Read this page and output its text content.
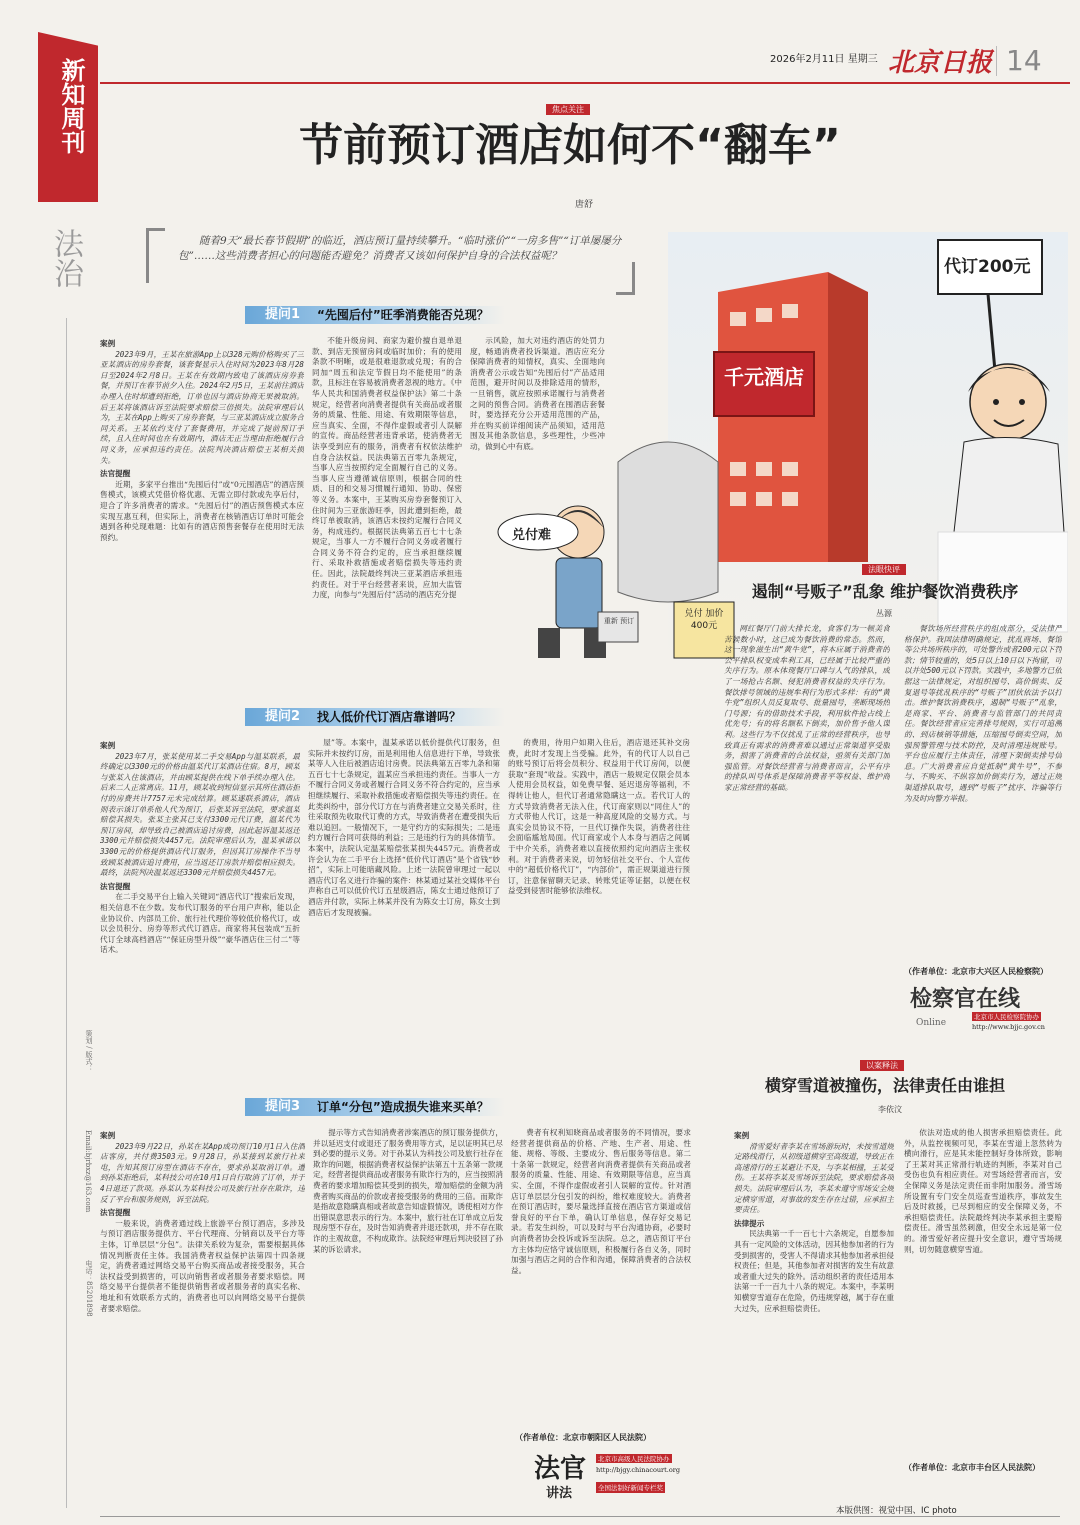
2026年2月11日 星期三 北京日报 14
新知周刊
法治
策划 / 版式：
Email:bjrbxz@163.com
电话：85201898
焦点关注
节前预订酒店如何不“翻车”
唐舒
随着9天“最长春节假期”的临近，酒店预订量持续攀升。“临时涨价”“一房多售”“订单屡屡分包”……这些消费者担心的问题能否避免？消费者又该如何保护自身的合法权益呢？
代订200元
千元酒店
兑付难
兑付 加价 400元
重新 预订
提问1	“先囤后付”旺季消费能否兑现？

案例

2023年9月，王某在旅游App上以328元购价格购买了三亚某酒店的房券套餐，该套餐显示入住时间为2023年8月28日至2024年2月8日。王某在有效期内致电了该酒店房券套餐，并预订在春节前夕入住。2024年2月5日，王某前往酒店办理入住时却遭到拒绝，订单也因与酒店协商无果被取消。后王某将该酒店诉至法院要求赔偿三倍损失。法院审理后认为，王某在App上购买了房券套餐，与三亚某酒店成立服务合同关系。王某依约支付了套餐费用，并完成了提前预订手续，且入住时间也在有效期内，酒店无正当理由拒绝履行合同义务，应承担违约责任。法院判决酒店赔偿王某相关损失。

法官提醒

近期，多家平台推出“先囤后付”或“0元囤酒店”的酒店预售模式，该模式凭借价格优惠、无需立即付款或先享后付，迎合了许多消费者的需求。“先囤后付”的酒店预售模式本应实现互惠互利，但实际上，消费者在核销酒店订单时可能会遇到各种兑现难题：比如有的酒店预售套餐存在使用时无法预约。

不能升级房间、商家为避价擅自退单退款、到店无预留房间或临时加价；有的使用条款不明晰，或是很难退款或兑现；有的合同加“周五和法定节假日均不能使用”的条款，且标注在容易被消费者忽视的地方。《中华人民共和国消费者权益保护法》第二十条规定，经营者向消费者提供有关商品或者服务的质量、性能、用途、有效期限等信息，应当真实、全面，不得作虚假或者引人误解的宣传。商品经营者违背承诺，使消费者无法享受到应有的服务，消费者有权依法维护自身合法权益。民法典第五百零九条规定，当事人应当按照约定全面履行自己的义务。当事人应当遵循诚信原则，根据合同的性质、目的和交易习惯履行通知、协助、保密等义务。本案中，王某购买房券套餐预订入住时间为三亚旅游旺季，因此遭到拒绝，最终订单被取消，该酒店未按约定履行合同义务，构成违约。根据民法典第五百七十七条规定，当事人一方不履行合同义务或者履行合同义务不符合约定的，应当承担继续履行、采取补救措施或者赔偿损失等违约责任。因此，法院最终判决三亚某酒店承担违约责任。对于平台经营者来说，应加大监管力度，向参与“先囤后付”活动的酒店充分提

示风险，加大对违约酒店的处罚力度，畅通消费者投诉渠道。酒店应充分保障消费者的知情权，真实、全面地向消费者公示或告知“先囤后付”产品适用范围，避开时间以及排除适用的情形，一旦销售，就应按照承诺履行与消费者之间的预售合同。消费者在囤酒店套餐时，要选择充分公开适用范围的产品，并在购买前详细阅读产品须知，适用范围及其他条款信息，多些理性，少些冲动，做到心中有底。

提问2	找人低价代订酒店靠谱吗？

案例

2023年7月，张某使用某二手交易App与温某联系，最终确定以3300元的价格由温某代订某酒店住宿。8月，顾某与张某入住该酒店，并由顾某提供在线下单手续办理入住。后来二人正常离店。11月，顾某收到短信显示其所住酒店拒付的房费共计7757元未完成结算。顾某遂联系酒店，酒店则表示该订单系他人代为预订，后张某诉至法院，要求温某赔偿其损失。张某主张其已支付3300元代订费，温某代为预订房间，却导致自己被酒店追讨房费，因此起诉温某返还3300元并赔偿损失4457元。法院审理后认为，温某承诺以3300元的价格提供酒店代订服务，但因其订房操作不当导致顾某被酒店追讨费用，应当返还订房款并赔偿相应损失。最终，法院判决温某返还3300元并赔偿损失4457元。

法官提醒

在二手交易平台上输入关键词“酒店代订”搜索后发现，相关信息不在少数。发布代订服务的平台用户声称，能以企业协议价、内部员工价、旅行社代理价等较低价格代订，或以会员积分、房券等形式代订酒店。商家将其包装成“五折代订全球高档酒店”“保证房型升级”“豪华酒店住三付二”等话术。

屋”等。本案中，温某承诺以低价提供代订服务，但实际并未按约订房，而是利用他人信息进行下单，导致张某等人入住后被酒店追讨房费。民法典第五百零九条和第五百七十七条规定，温某应当承担违约责任。当事人一方不履行合同义务或者履行合同义务不符合约定的，应当承担继续履行、采取补救措施或者赔偿损失等违约责任。在此类纠纷中，部分代订方在与消费者建立交易关系时，往往采取预先收取代订费的方式，导致消费者在遭受损失后难以追回。一般情况下，一是守约方的实际损失；二是违约方履行合同可获得的利益；三是违约行为的具体情节。本案中，法院认定温某赔偿张某损失4457元。消费者或许会认为在二手平台上选择“低价代订酒店”是个省钱“妙招”，实际上可能暗藏风险。上述一法院曾审理过一起以酒店代订名义进行诈骗的案件：林某通过某社交媒体平台声称自己可以低价代订五星级酒店，陈女士通过他预订了酒店并付款，实际上林某并没有为陈女士订房，陈女士到酒店后才发现被骗。

的费用，待用户如期入住后，酒店退还其补交房费，此时才发现上当受骗。此外，有的代订人以自己的账号预订后将会员积分、权益用于代订房间，以便获取“套现”收益。实践中，酒店一般规定仅限会员本人使用会员权益，如免费早餐、延迟退房等福利，不得转让他人，但代订者通常隐瞒这一点。若代订人的方式导致消费者无法入住，代订商家则以“同住人”的方式带他人代订，这是一种高度风险的交易方式。与真实会员协议不符，一旦代订操作失误，消费者往往会面临尴尬局面。代订商家或个人本身与酒店之间属于中介关系，消费者难以直接依照约定向酒店主张权利。对于消费者来说，切勿轻信社交平台、个人宣传中的“超低价格代订”，“内部价”，需正规渠道进行预订，注意保留聊天记录、转账凭证等证据，以便在权益受到侵害时能够依法维权。

提问3	订单“分包”造成损失谁来买单？

案例

2023年9月22日，孙某在某App成功预订10月1日入住酒店客房，共付费3503元。9月28日，孙某接到某旅行社来电，告知其预订房型在酒店不存在，要求孙某取消订单。遭到孙某拒绝后，某科技公司在10月1日自行取消了订单，并于4日退还了款项。孙某认为某科技公司及旅行社存在欺诈，违反了平台和服务规则，诉至法院。

法官提醒

一般来说，消费者通过线上旅游平台预订酒店，多涉及与预订酒店服务提供方、平台代理商、分销商以及平台方等主体，订单层层“分包”。法律关系较为复杂，需要根据具体情况判断责任主体。我国消费者权益保护法第四十四条规定，消费者通过网络交易平台购买商品或者接受服务，其合法权益受到损害的，可以向销售者或者服务者要求赔偿。网络交易平台提供者不能提供销售者或者服务者的真实名称、地址和有效联系方式的，消费者也可以向网络交易平台提供者要求赔偿。

提示等方式告知消费者涉案酒店的预订服务提供方，并以延迟支付或退还了服务费用等方式，足以证明其已尽到必要的提示义务。对于孙某认为科技公司及旅行社存在欺诈的问题，根据消费者权益保护法第五十五条第一款规定，经营者提供商品或者服务有欺诈行为的，应当按照消费者的要求增加赔偿其受到的损失，增加赔偿的金额为消费者购买商品的价款或者接受服务的费用的三倍。而欺诈是指故意隐瞒真相或者故意告知虚假情况，诱使相对方作出错误意思表示的行为。本案中，旅行社在订单成立后发现房型不存在，及时告知消费者并退还款项，并不存在欺诈的主观故意，不构成欺诈。法院经审理后判决驳回了孙某的诉讼请求。

费者有权利知晓商品或者服务的不同情况，要求经营者提供商品的价格、产地、生产者、用途、性能、规格、等级、主要成分、售后服务等信息。第二十条第一款规定，经营者向消费者提供有关商品或者服务的质量、性能、用途、有效期限等信息，应当真实、全面，不得作虚假或者引人误解的宣传。针对酒店订单层层分包引发的纠纷，维权难度较大。消费者在预订酒店时，要尽量选择直接在酒店官方渠道或信誉良好的平台下单，确认订单信息，保存好交易记录。若发生纠纷，可以及时与平台沟通协商，必要时向消费者协会投诉或诉至法院。总之，酒店预订平台方主体均应恪守诚信原则，积极履行各自义务，同时加强与酒店之间的合作和沟通，保障消费者的合法权益。

（作者单位：北京市朝阳区人民法院）
法官
讲法
北京市高级人民法院协办
http://bjgy.chinacourt.org
全国法制好新闻专栏奖
法眼快评
遏制“号贩子”乱象 维护餐饮消费秩序
丛源

网红餐厅门前大排长龙，食客们为一顿美食苦候数小时，这已成为餐饮消费的常态。然而，这一现象滋生出“黄牛党”，将本应属于消费者的公平排队权变成牟利工具，已经属于比较严重的失序行为。原本体现餐厅口碑与人气的排队，成了一场抢占名额、侵犯消费者权益的失序行为。餐饮排号领域的违规牟利行为形式多样：有的“黄牛党”组织人员反复取号、批量囤号，垄断现场热门号源；有的借助技术手段，利用软件抢占线上优先号；有的将名额私下倒卖，加价售予他人谋利。这些行为不仅扰乱了正常的经营秩序，也导致真正有需求的消费者难以通过正常渠道享受服务，损害了消费者的合法权益，亟须有关部门加强监管。对餐饮经营者与消费者而言，公平有序的排队叫号体系是保障消费者平等权益、维护商家正常经营的基础。

餐饮场所经营秩序的组成部分，受法律严格保护。我国法律明确规定，扰乱商场、餐馆等公共场所秩序的，可处警告或者200元以下罚款；情节较重的，处5日以上10日以下拘留，可以并处500元以下罚款。实践中，多地警方已依据这一法律规定，对组织囤号、高价倒卖、反复退号等扰乱秩序的“号贩子”团伙依法予以打击。维护餐饮消费秩序，遏制“号贩子”乱象，是商家、平台、消费者与监管部门的共同责任。餐饮经营者应完善排号规则，实行可追溯的、到店核销等措施，压缩囤号倒卖空间，加强预警管理与技术防控，及时清理违规账号。平台也应履行主体责任，清理下架倒卖排号信息。广大消费者应自觉抵制“黄牛号”，不参与、不购买、不纵容加价倒卖行为，通过正规渠道排队取号，遇到“号贩子”扰序、诈骗等行为及时向警方举报。

（作者单位：北京市大兴区人民检察院）
检察官在线
Online
北京市人民检察院协办
http://www.bjjc.gov.cn
以案释法
横穿雪道被撞伤，法律责任由谁担
李依汶

案例

滑雪爱好者李某在雪场游玩时，未按雪道规定路线滑行，从初级道横穿至高级道，导致正在高速滑行的王某避让不及，与李某相撞，王某受伤。王某将李某及雪场诉至法院，要求赔偿各项损失。法院审理后认为，李某未遵守雪场安全规定横穿雪道，对事故的发生存在过错，应承担主要责任。

法律提示

民法典第一千一百七十六条规定，自愿参加具有一定风险的文体活动，因其他参加者的行为受到损害的，受害人不得请求其他参加者承担侵权责任；但是，其他参加者对损害的发生有故意或者重大过失的除外。活动组织者的责任适用本法第一千一百九十八条的规定。本案中，李某明知横穿雪道存在危险，仍违规穿越，属于存在重大过失，应承担赔偿责任。

依法对造成的他人损害承担赔偿责任。此外，从监控视频可见，李某在雪道上忽然转为横向滑行，应是其未能控制好身体所致，影响了王某对其正常滑行轨迹的判断，李某对自己受伤也负有相应责任。对雪场经营者而言，安全保障义务是法定责任而非附加服务。滑雪场所设置有专门安全员巡查雪道秩序，事故发生后及时救援，已尽到相应的安全保障义务，不承担赔偿责任。法院最终判决李某承担主要赔偿责任。滑雪虽然刺激，但安全永远是第一位的。滑雪爱好者应提升安全意识，遵守雪场规则，切勿随意横穿雪道。

（作者单位：北京市丰台区人民法院）
本版供图：视觉中国、IC photo
